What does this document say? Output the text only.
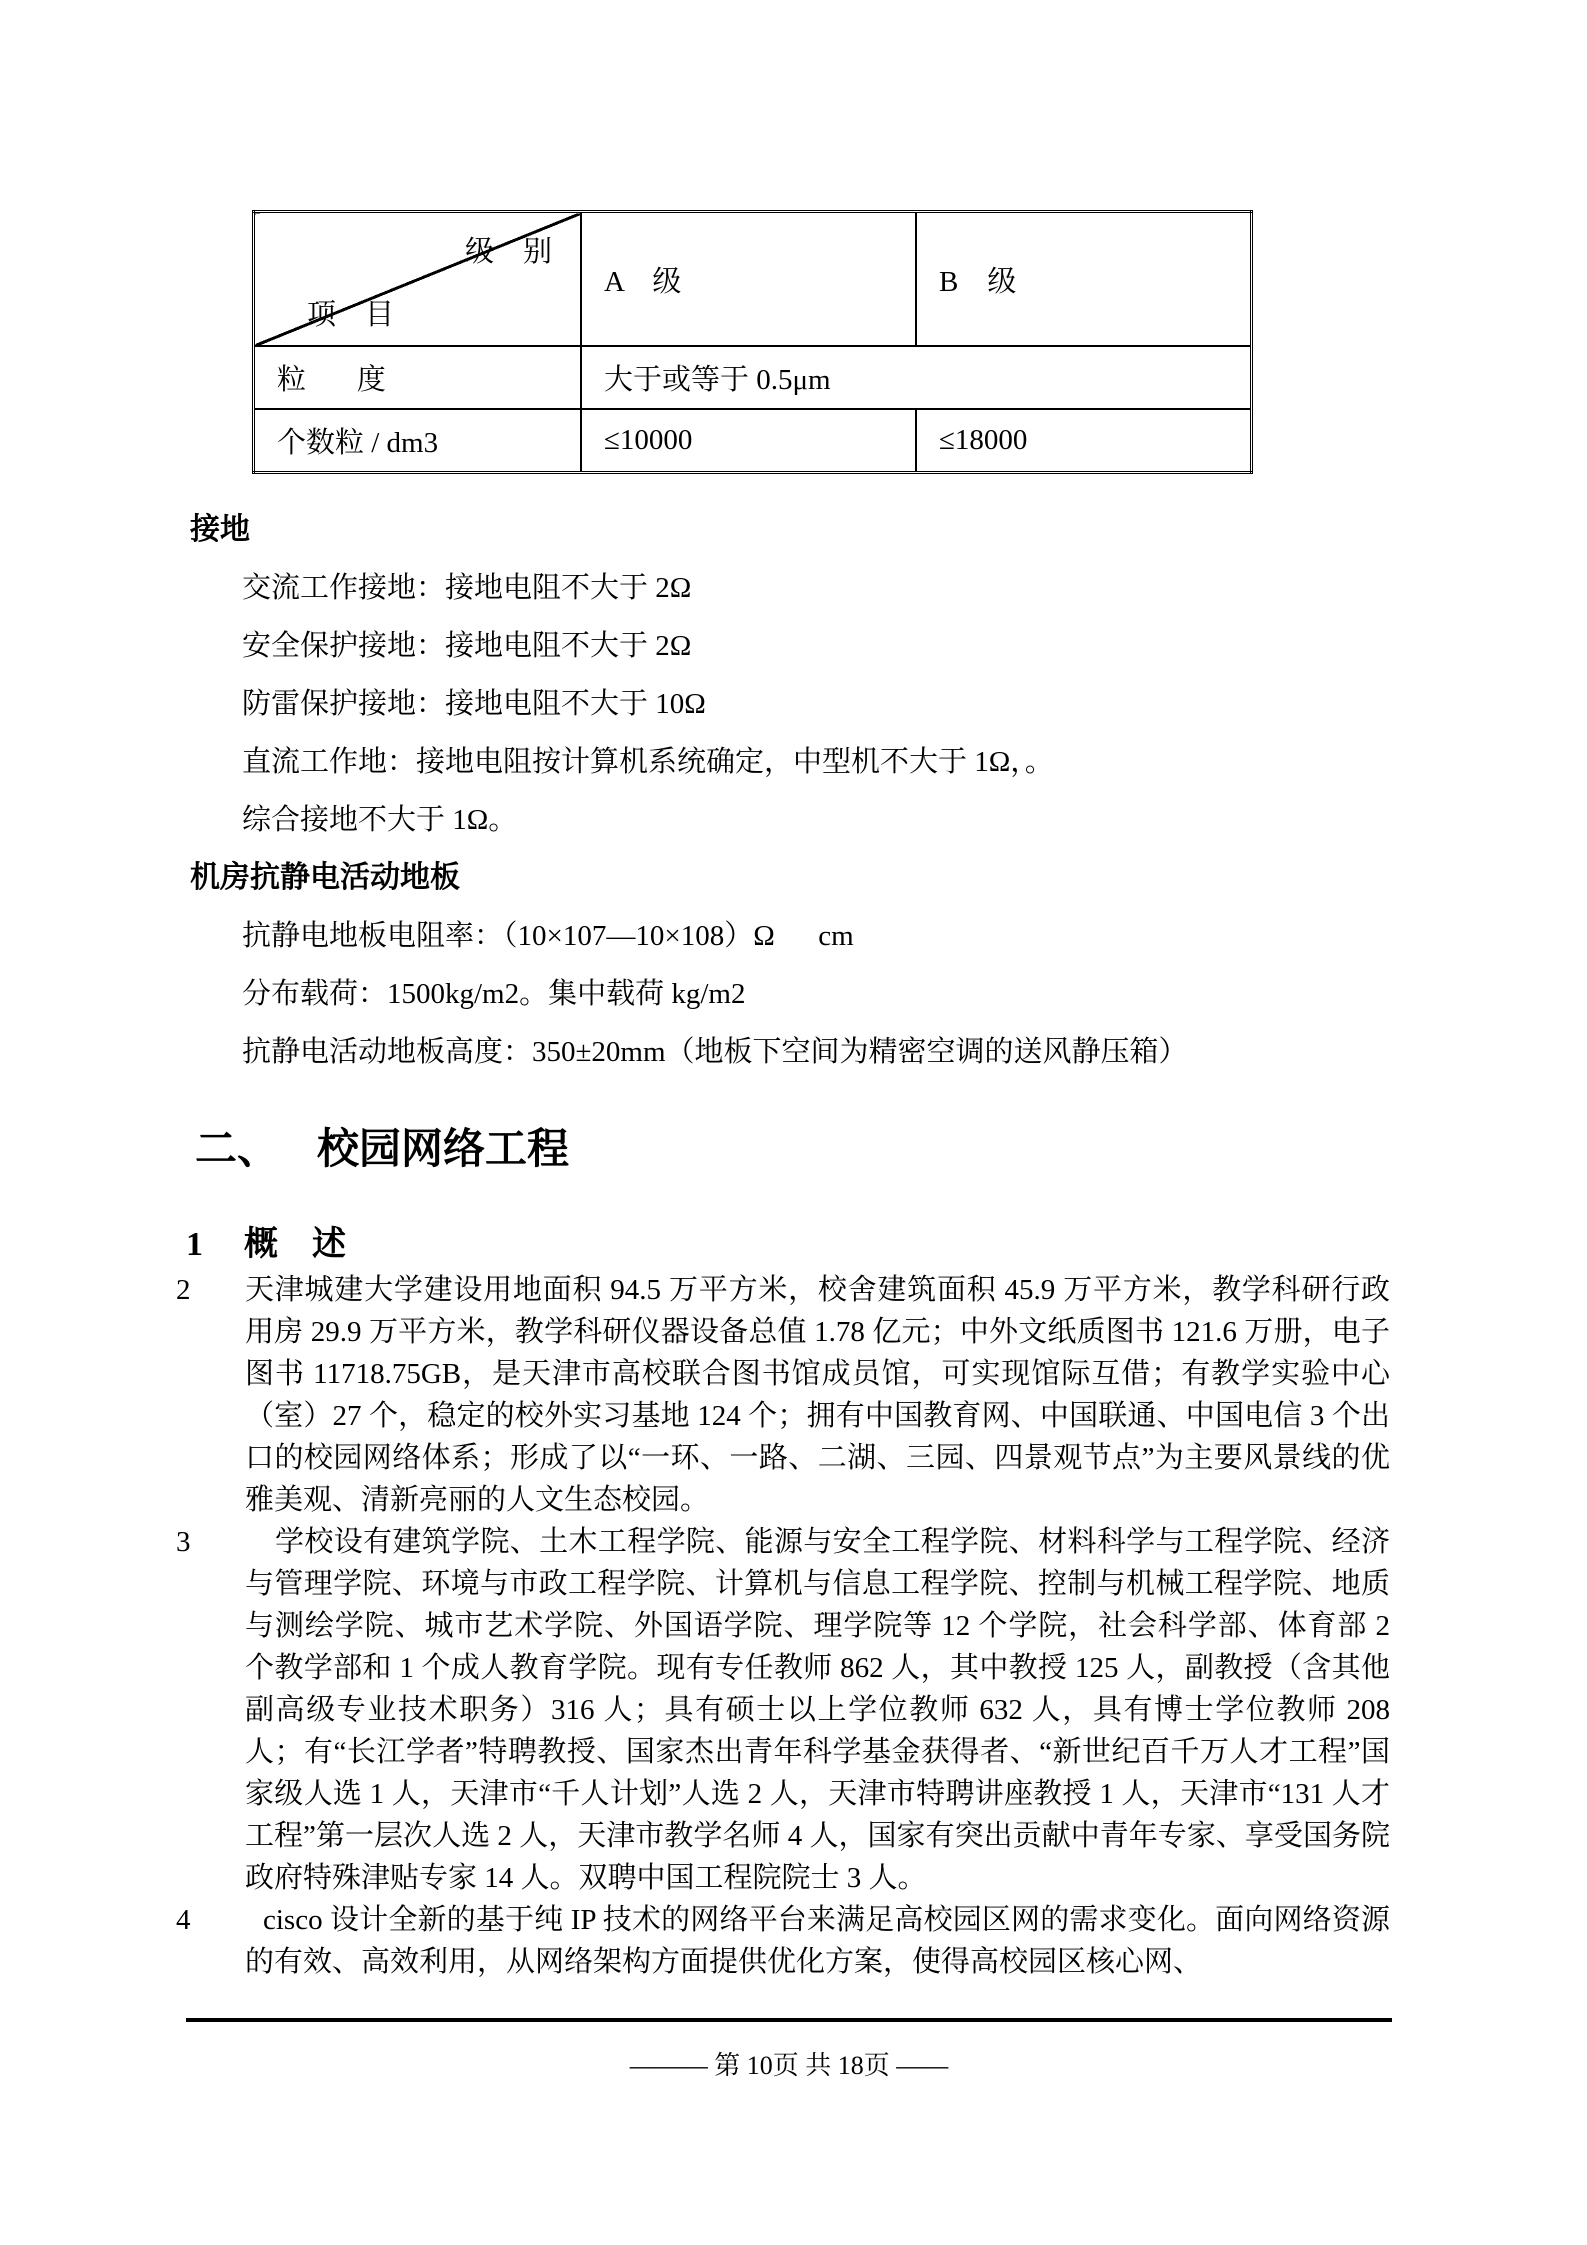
级    别

项    目	A    级	B    级
粒       度	大于或等于 0.5μm	
个数粒 / dm3	≤10000	≤18000
接地
交流工作接地：接地电阻不大于 2Ω
安全保护接地：接地电阻不大于 2Ω
防雷保护接地：接地电阻不大于 10Ω
直流工作地：接地电阻按计算机系统确定，中型机不大于 1Ω，。
综合接地不大于 1Ω。
机房抗静电活动地板
抗静电地板电阻率：（10×107—10×108）Ω      cm
分布载荷：1500kg/m2。集中载荷 kg/m2
抗静电活动地板高度：350±20mm（地板下空间为精密空调的送风静压箱）
二、 校园网络工程
1	概    述
2	天津城建大学建设用地面积 94.5 万平方米，校舍建筑面积 45.9 万平方米，教学科研行政用房 29.9 万平方米，教学科研仪器设备总值 1.78 亿元；中外文纸质图书 121.6 万册，电子图书 11718.75GB，是天津市高校联合图书馆成员馆，可实现馆际互借；有教学实验中心（室）27 个，稳定的校外实习基地 124 个；拥有中国教育网、中国联通、中国电信 3 个出口的校园网络体系；形成了以“一环、一路、二湖、三园、四景观节点”为主要风景线的优雅美观、清新亮丽的人文生态校园。
3	学校设有建筑学院、土木工程学院、能源与安全工程学院、材料科学与工程学院、经济与管理学院、环境与市政工程学院、计算机与信息工程学院、控制与机械工程学院、地质与测绘学院、城市艺术学院、外国语学院、理学院等 12 个学院，社会科学部、体育部 2 个教学部和 1 个成人教育学院。现有专任教师 862 人，其中教授 125 人，副教授（含其他副高级专业技术职务）316 人；具有硕士以上学位教师 632 人，具有博士学位教师 208 人；有“长江学者”特聘教授、国家杰出青年科学基金获得者、“新世纪百千万人才工程”国家级人选 1 人，天津市“千人计划”人选 2 人，天津市特聘讲座教授 1 人，天津市“131 人才工程”第一层次人选 2 人，天津市教学名师 4 人，国家有突出贡献中青年专家、享受国务院政府特殊津贴专家 14 人。双聘中国工程院院士 3 人。
4	cisco 设计全新的基于纯 IP 技术的网络平台来满足高校园区网的需求变化。面向网络资源的有效、高效利用，从网络架构方面提供优化方案，使得高校园区核心网、
——— 第 10页 共 18页 ——
